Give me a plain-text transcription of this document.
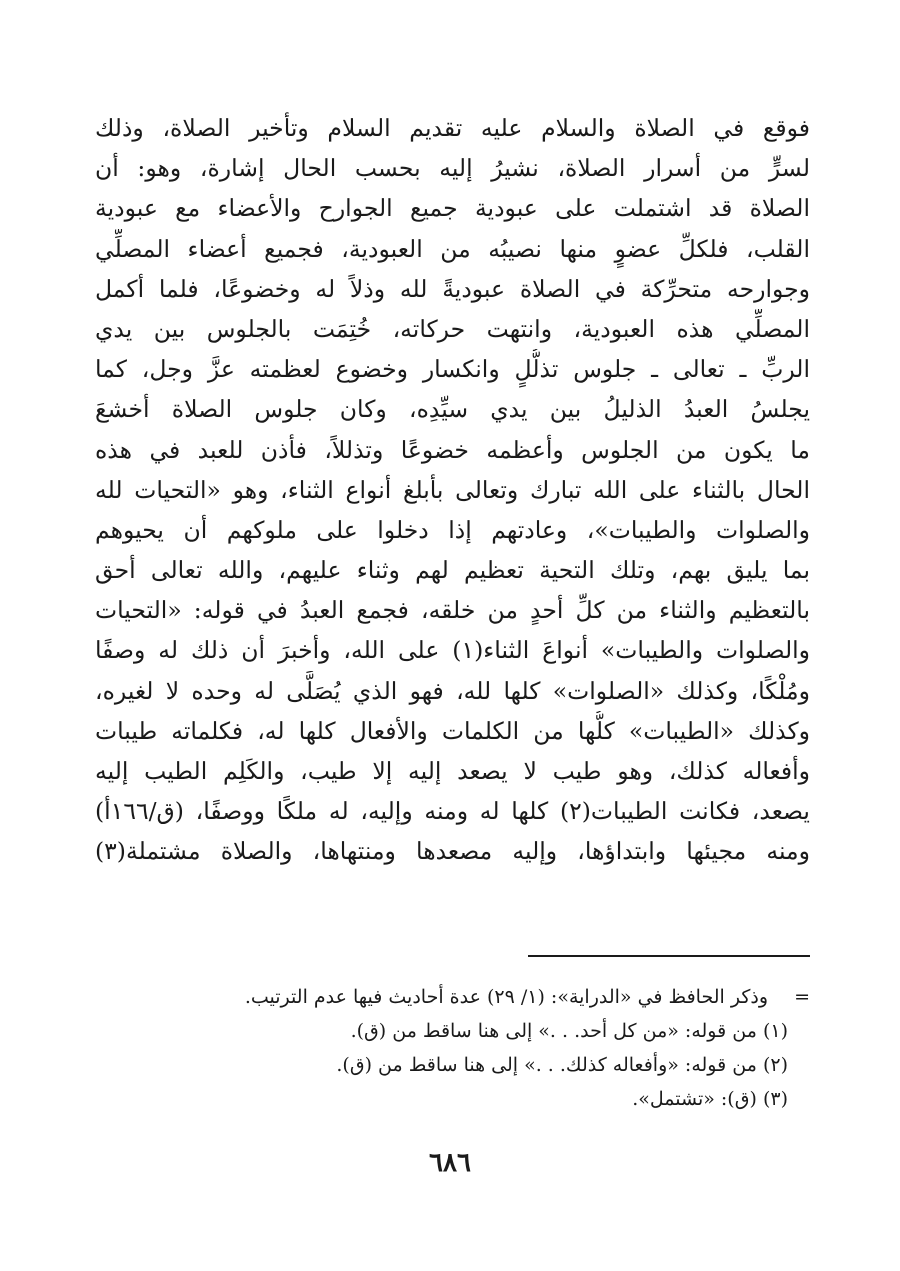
فوقع في الصلاة والسلام عليه تقديم السلام وتأخير الصلاة، وذلك
لسرٍّ من أسرار الصلاة، نشيرُ إليه بحسب الحال إشارة، وهو: أن
الصلاة قد اشتملت على عبودية جميع الجوارح والأعضاء مع عبودية
القلب، فلكلِّ عضوٍ منها نصيبُه من العبودية، فجميع أعضاء المصلِّي
وجوارحه متحرِّكة في الصلاة عبوديةً لله وذلاً له وخضوعًا، فلما أكمل
المصلِّي هذه العبودية، وانتهت حركاته، خُتِمَت بالجلوس بين يدي
الربِّ ـ تعالى ـ جلوس تذلُّلٍ وانكسار وخضوع لعظمته عزَّ وجل، كما
يجلسُ العبدُ الذليلُ بين يدي سيِّدِه، وكان جلوس الصلاة أخشعَ
ما يكون من الجلوس وأعظمه خضوعًا وتذللاً، فأذن للعبد في هذه
الحال بالثناء على الله تبارك وتعالى بأبلغ أنواع الثناء، وهو «التحيات لله
والصلوات والطيبات»، وعادتهم إذا دخلوا على ملوكهم أن يحيوهم
بما يليق بهم، وتلك التحية تعظيم لهم وثناء عليهم، والله تعالى أحق
بالتعظيم والثناء من كلِّ أحدٍ من خلقه، فجمع العبدُ في قوله: «التحيات
والصلوات والطيبات» أنواعَ الثناء(١) على الله، وأخبرَ أن ذلك له وصفًا
ومُلْكًا، وكذلك «الصلوات» كلها لله، فهو الذي يُصَلَّى له وحده لا لغيره،
وكذلك «الطيبات» كلُّها من الكلمات والأفعال كلها له، فكلماته طيبات
وأفعاله كذلك، وهو طيب لا يصعد إليه إلا طيب، والكَلِم الطيب إليه
يصعد، فكانت الطيبات(٢) كلها له ومنه وإليه، له ملكًا ووصفًا، (ق/١٦٦أ)
ومنه مجيئها وابتداؤها، وإليه مصعدها ومنتهاها، والصلاة مشتملة(٣)
=وذكر الحافظ في «الدراية»: (١/ ٢٩) عدة أحاديث فيها عدم الترتيب.
(١) من قوله: «من كل أحد. . .» إلى هنا ساقط من (ق).
(٢) من قوله: «وأفعاله كذلك. . .» إلى هنا ساقط من (ق).
(٣) (ق): «تشتمل».
٦٨٦
